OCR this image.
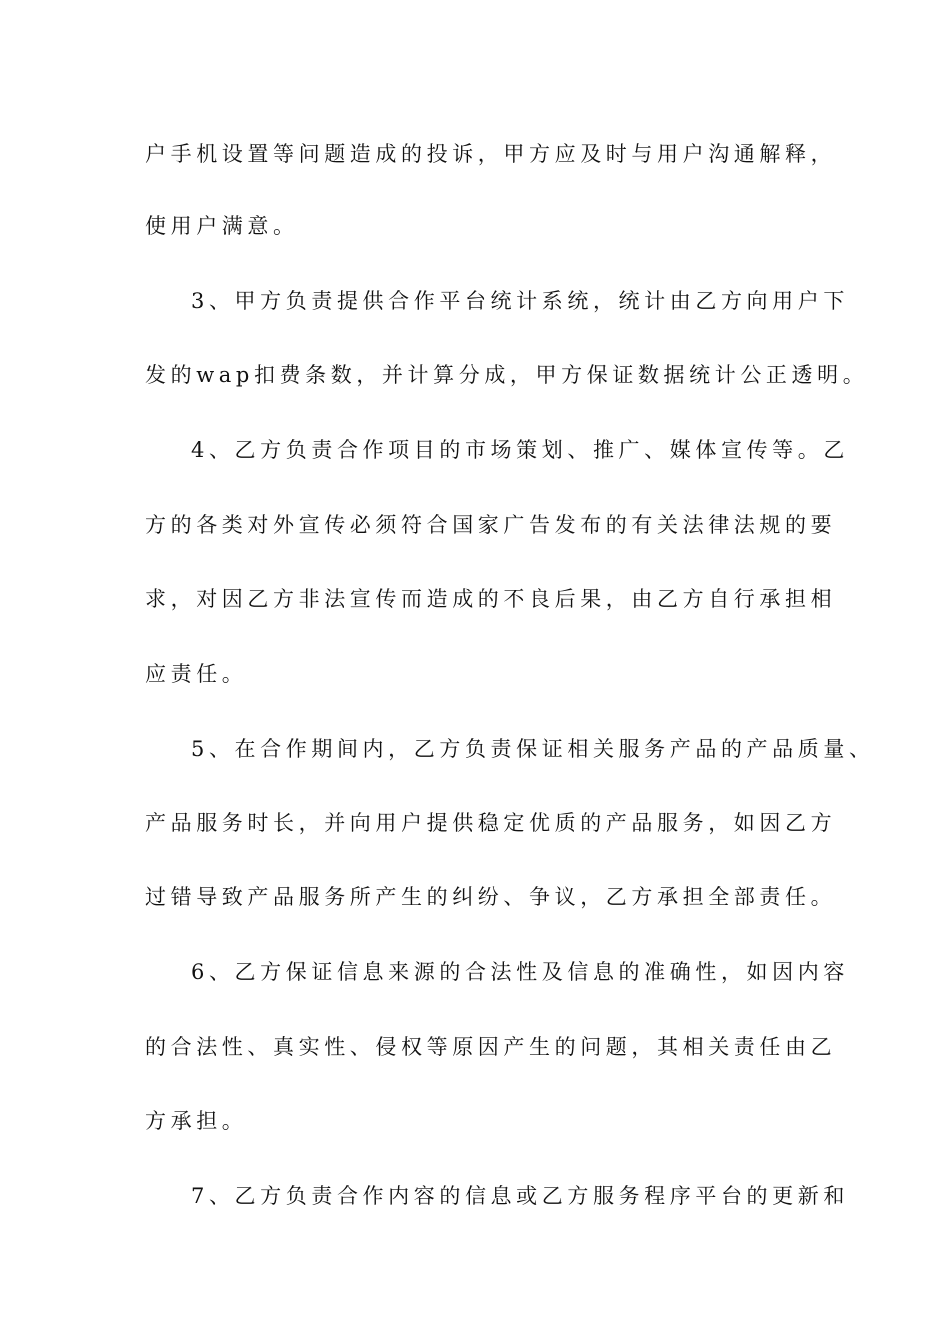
户手机设置等问题造成的投诉，甲方应及时与用户沟通解释，
使用户满意。
3、甲方负责提供合作平台统计系统，统计由乙方向用户下
发的wap扣费条数，并计算分成，甲方保证数据统计公正透明。
4、乙方负责合作项目的市场策划、推广、媒体宣传等。乙
方的各类对外宣传必须符合国家广告发布的有关法律法规的要
求，对因乙方非法宣传而造成的不良后果，由乙方自行承担相
应责任。
5、在合作期间内，乙方负责保证相关服务产品的产品质量、
产品服务时长，并向用户提供稳定优质的产品服务，如因乙方
过错导致产品服务所产生的纠纷、争议，乙方承担全部责任。
6、乙方保证信息来源的合法性及信息的准确性，如因内容
的合法性、真实性、侵权等原因产生的问题，其相关责任由乙
方承担。
7、乙方负责合作内容的信息或乙方服务程序平台的更新和
